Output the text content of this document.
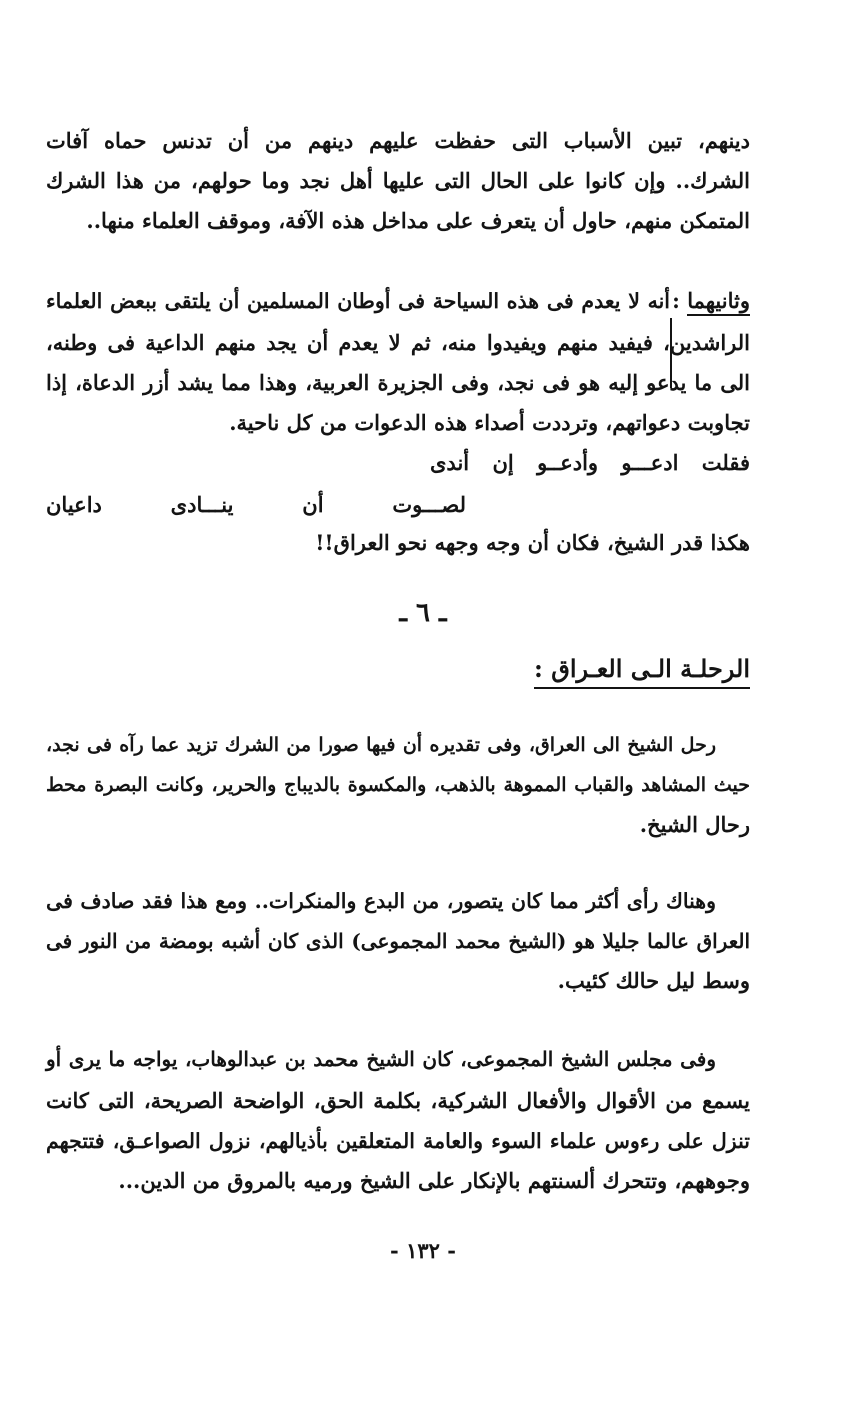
دينهم، تبين الأسباب التى حفظت عليهم دينهم من أن تدنس حماه آفات
الشرك.. وإن كانوا على الحال التى عليها أهل نجد وما حولهم، من هذا الشرك
المتمكن منهم، حاول أن يتعرف على مداخل هذه الآفة، وموقف العلماء منها..
وثانيهما :
أنه لا يعدم فى هذه السياحة فى أوطان المسلمين أن يلتقى ببعض العلماء
الراشدين، فيفيد منهم ويفيدوا منه، ثم لا يعدم أن يجد منهم الداعية فى وطنه،
الى ما يدعو إليه هو فى نجد، وفى الجزيرة العربية، وهذا مما يشد أزر الدعاة، إذا
تجاوبت دعواتهم، وترددت أصداء هذه الدعوات من كل ناحية.
فقلت ادعـــو وأدعــو إن أندى
لصـــوت أن ينـــادى داعيان
هكذا قدر الشيخ، فكان أن وجه وجهه نحو العراق!!
ـ ٦ ـ
الرحلـة الـى العـراق :
رحل الشيخ الى العراق، وفى تقديره أن فيها صورا من الشرك تزيد عما رآه فى نجد،
حيث المشاهد والقباب المموهة بالذهب، والمكسوة بالديباج والحرير، وكانت البصرة محط
رحال الشيخ.
وهناك رأى أكثر مما كان يتصور، من البدع والمنكرات.. ومع هذا فقد صادف فى
العراق عالما جليلا هو (الشيخ محمد المجموعى) الذى كان أشبه بومضة من النور فى
وسط ليل حالك كئيب.
وفى مجلس الشيخ المجموعى، كان الشيخ محمد بن عبدالوهاب، يواجه ما يرى أو
يسمع من الأقوال والأفعال الشركية، بكلمة الحق، الواضحة الصريحة، التى كانت
تنزل على رءوس علماء السوء والعامة المتعلقين بأذيالهم، نزول الصواعـق، فتتجهم
وجوههم، وتتحرك ألسنتهم بالإنكار على الشيخ ورميه بالمروق من الدين...
- ١٣٢ -
